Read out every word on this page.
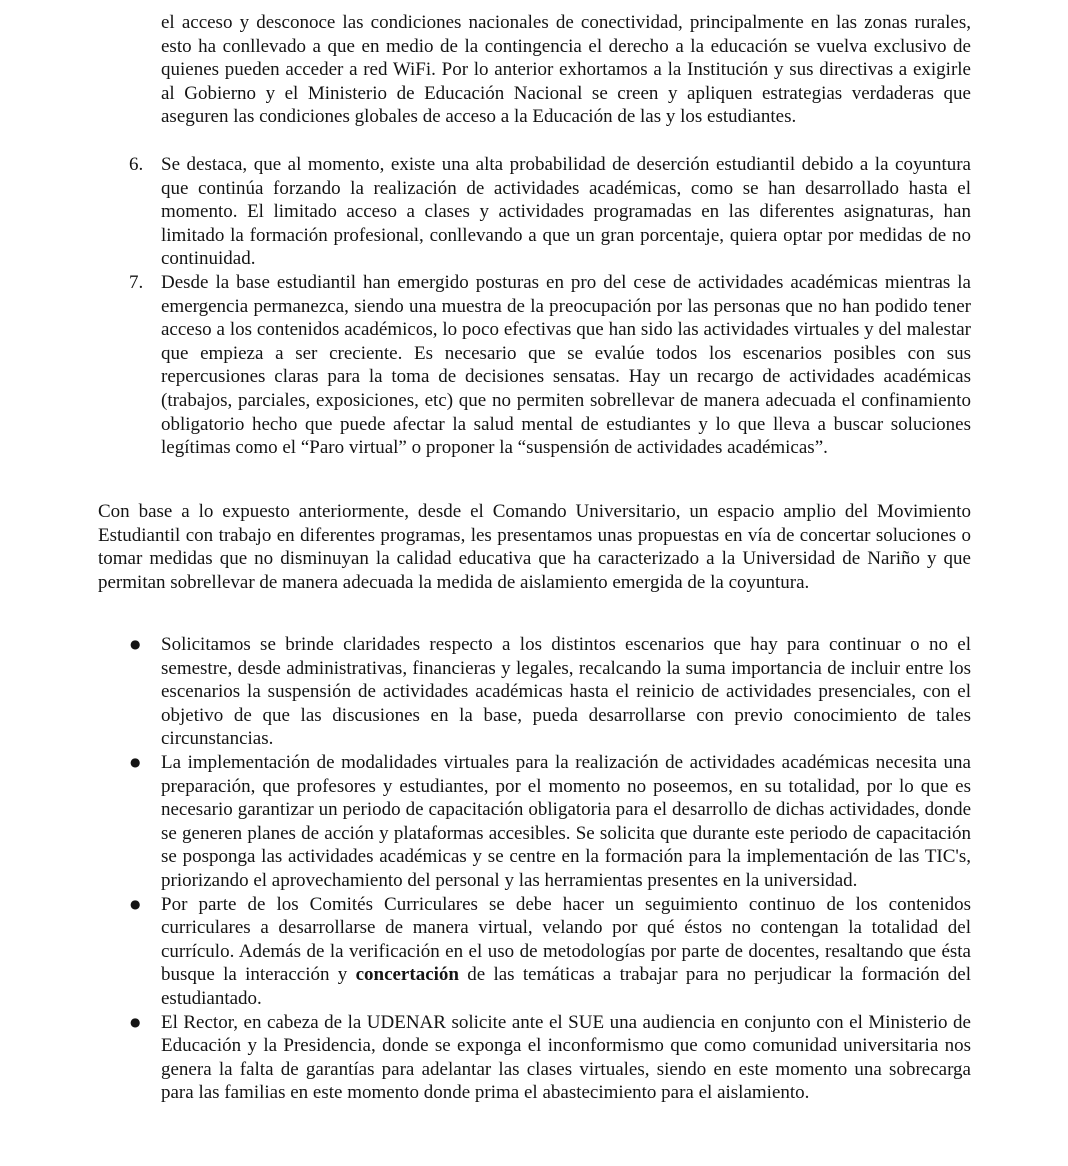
el acceso y desconoce las condiciones nacionales de conectividad, principalmente en las zonas rurales, esto ha conllevado a que en medio de la contingencia el derecho a la educación se vuelva exclusivo de quienes pueden acceder a red WiFi. Por lo anterior exhortamos a la Institución y sus directivas a exigirle al Gobierno y el Ministerio de Educación Nacional se creen y apliquen estrategias verdaderas que aseguren las condiciones globales de acceso a la Educación de las y los estudiantes.

6. Se destaca, que al momento, existe una alta probabilidad de deserción estudiantil debido a la coyuntura que continúa forzando la realización de actividades académicas, como se han desarrollado hasta el momento. El limitado acceso a clases y actividades programadas en las diferentes asignaturas, han limitado la formación profesional, conllevando a que un gran porcentaje, quiera optar por medidas de no continuidad.

7. Desde la base estudiantil han emergido posturas en pro del cese de actividades académicas mientras la emergencia permanezca, siendo una muestra de la preocupación por las personas que no han podido tener acceso a los contenidos académicos, lo poco efectivas que han sido las actividades virtuales y del malestar que empieza a ser creciente. Es necesario que se evalúe todos los escenarios posibles con sus repercusiones claras para la toma de decisiones sensatas. Hay un recargo de actividades académicas (trabajos, parciales, exposiciones, etc) que no permiten sobrellevar de manera adecuada el confinamiento obligatorio hecho que puede afectar la salud mental de estudiantes y lo que lleva a buscar soluciones legítimas como el “Paro virtual” o proponer la “suspensión de actividades académicas”.

Con base a lo expuesto anteriormente, desde el Comando Universitario, un espacio amplio del Movimiento Estudiantil con trabajo en diferentes programas, les presentamos unas propuestas en vía de concertar soluciones o tomar medidas que no disminuyan la calidad educativa que ha caracterizado a la Universidad de Nariño y que permitan sobrellevar de manera adecuada la medida de aislamiento emergida de la coyuntura.

● Solicitamos se brinde claridades respecto a los distintos escenarios que hay para continuar o no el semestre, desde administrativas, financieras y legales, recalcando la suma importancia de incluir entre los escenarios la suspensión de actividades académicas hasta el reinicio de actividades presenciales, con el objetivo de que las discusiones en la base, pueda desarrollarse con previo conocimiento de tales circunstancias.

● La implementación de modalidades virtuales para la realización de actividades académicas necesita una preparación, que profesores y estudiantes, por el momento no poseemos, en su totalidad, por lo que es necesario garantizar un periodo de capacitación obligatoria para el desarrollo de dichas actividades, donde se generen planes de acción y plataformas accesibles. Se solicita que durante este periodo de capacitación se posponga las actividades académicas y se centre en la formación para la implementación de las TIC's, priorizando el aprovechamiento del personal y las herramientas presentes en la universidad.

● Por parte de los Comités Curriculares se debe hacer un seguimiento continuo de los contenidos curriculares a desarrollarse de manera virtual, velando por qué éstos no contengan la totalidad del currículo. Además de la verificación en el uso de metodologías por parte de docentes, resaltando que ésta busque la interacción y concertación de las temáticas a trabajar para no perjudicar la formación del estudiantado.

● El Rector, en cabeza de la UDENAR solicite ante el SUE una audiencia en conjunto con el Ministerio de Educación y la Presidencia, donde se exponga el inconformismo que como comunidad universitaria nos genera la falta de garantías para adelantar las clases virtuales, siendo en este momento una sobrecarga para las familias en este momento donde prima el abastecimiento para el aislamiento.
